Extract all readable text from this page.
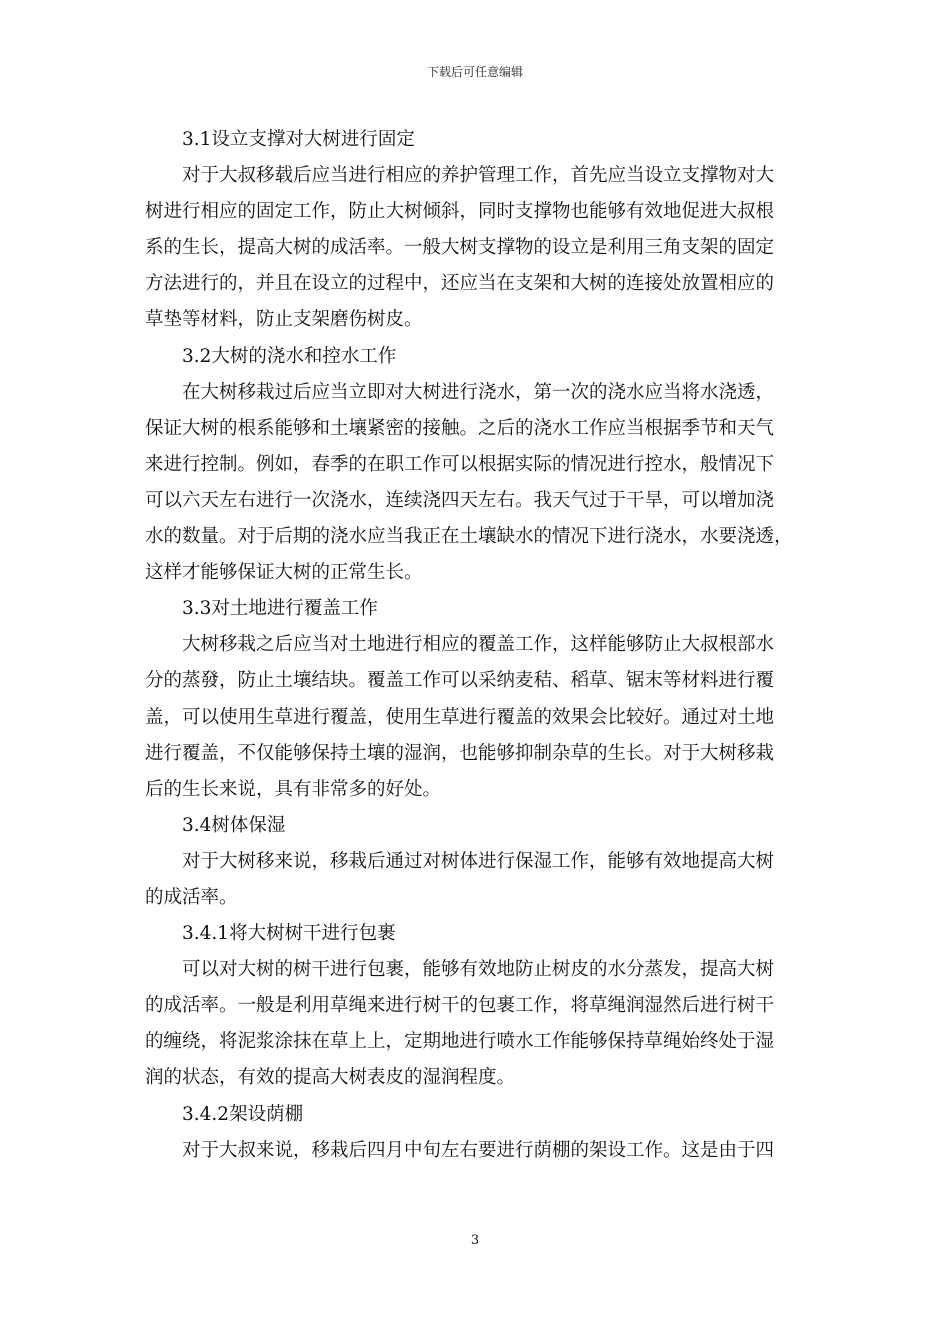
下载后可任意编辑
3.1设立支撑对大树进行固定
对于大叔移载后应当进行相应的养护管理工作，首先应当设立支撑物对大
树进行相应的固定工作，防止大树倾斜，同时支撑物也能够有效地促进大叔根
系的生长，提高大树的成活率。一般大树支撑物的设立是利用三角支架的固定
方法进行的，并且在设立的过程中，还应当在支架和大树的连接处放置相应的
草垫等材料，防止支架磨伤树皮。
3.2大树的浇水和控水工作
在大树移栽过后应当立即对大树进行浇水，第一次的浇水应当将水浇透，
保证大树的根系能够和土壤紧密的接触。之后的浇水工作应当根据季节和天气
来进行控制。例如，春季的在职工作可以根据实际的情况进行控水，般情况下
可以六天左右进行一次浇水，连续浇四天左右。我天气过于干旱，可以增加浇
水的数量。对于后期的浇水应当我正在土壤缺水的情况下进行浇水，水要浇透，
这样才能够保证大树的正常生长。
3.3对土地进行覆盖工作
大树移栽之后应当对土地进行相应的覆盖工作，这样能够防止大叔根部水
分的蒸發，防止土壤结块。覆盖工作可以采纳麦秸、稻草、锯末等材料进行覆
盖，可以使用生草进行覆盖，使用生草进行覆盖的效果会比较好。通过对土地
进行覆盖，不仅能够保持土壤的湿润，也能够抑制杂草的生长。对于大树移栽
后的生长来说，具有非常多的好处。
3.4树体保湿
对于大树移来说，移栽后通过对树体进行保湿工作，能够有效地提高大树
的成活率。
3.4.1将大树树干进行包裹
可以对大树的树干进行包裹，能够有效地防止树皮的水分蒸发，提高大树
的成活率。一般是利用草绳来进行树干的包裹工作，将草绳润湿然后进行树干
的缠绕，将泥浆涂抹在草上上，定期地进行喷水工作能够保持草绳始终处于湿
润的状态，有效的提高大树表皮的湿润程度。
3.4.2架设荫棚
对于大叔来说，移栽后四月中旬左右要进行荫棚的架设工作。这是由于四
3
